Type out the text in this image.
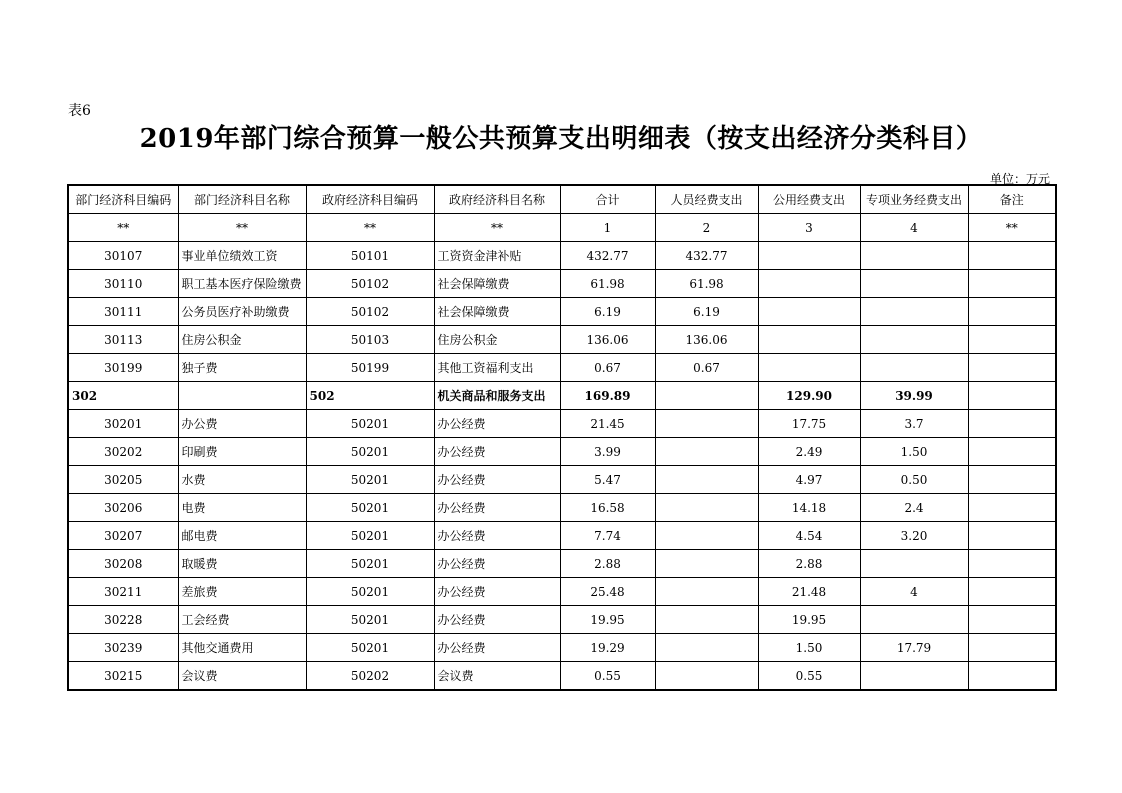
表6
2019年部门综合预算一般公共预算支出明细表（按支出经济分类科目）
单位：万元
部门经济科目编码	部门经济科目名称	政府经济科目编码	政府经济科目名称	合计	人员经费支出	公用经费支出	专项业务经费支出	备注
**	**	**	**	1	2	3	4	**
30107	事业单位绩效工资	50101	工资资金津补贴	432.77	432.77			
30110	职工基本医疗保险缴费	50102	社会保障缴费	61.98	61.98			
30111	公务员医疗补助缴费	50102	社会保障缴费	6.19	6.19			
30113	住房公积金	50103	住房公积金	136.06	136.06			
30199	独子费	50199	其他工资福利支出	0.67	0.67			
302		502	机关商品和服务支出	169.89		129.90	39.99	
30201	办公费	50201	办公经费	21.45		17.75	3.7	
30202	印刷费	50201	办公经费	3.99		2.49	1.50	
30205	水费	50201	办公经费	5.47		4.97	0.50	
30206	电费	50201	办公经费	16.58		14.18	2.4	
30207	邮电费	50201	办公经费	7.74		4.54	3.20	
30208	取暖费	50201	办公经费	2.88		2.88		
30211	差旅费	50201	办公经费	25.48		21.48	4	
30228	工会经费	50201	办公经费	19.95		19.95		
30239	其他交通费用	50201	办公经费	19.29		1.50	17.79	
30215	会议费	50202	会议费	0.55		0.55		
